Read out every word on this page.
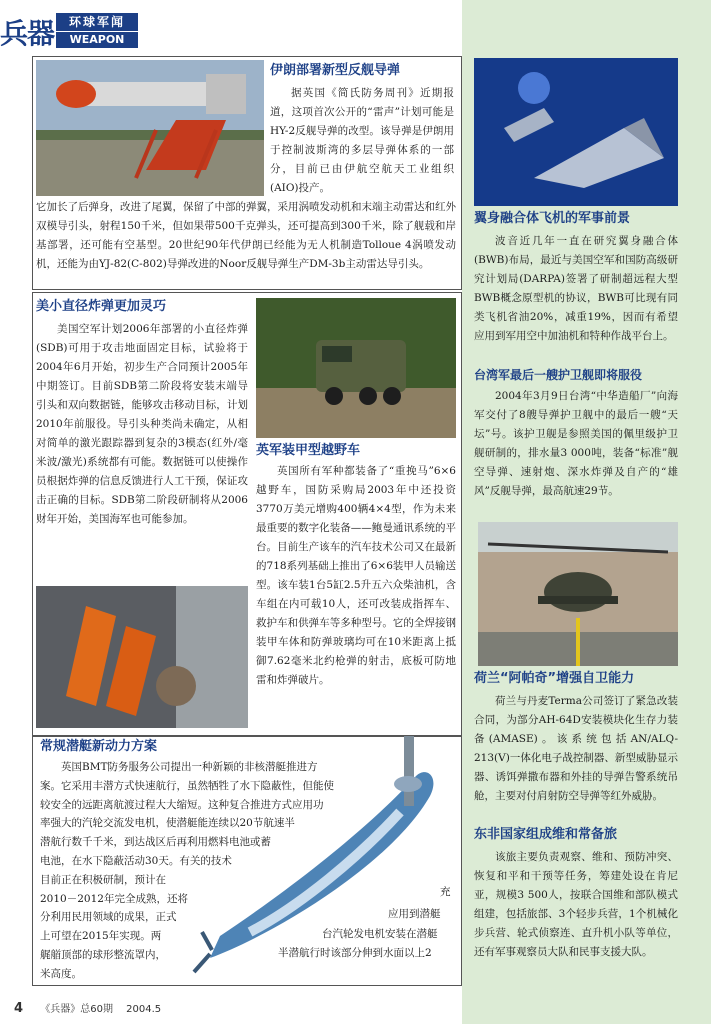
兵器	环球军闻
WEAPON

伊朗部署新型反舰导弹

据英国《简氏防务周刊》近期报道，这项首次公开的“雷声”计划可能是HY-2反舰导弹的改型。该导弹是伊朗用于控制波斯湾的多层导弹体系的一部分，目前已由伊航空航天工业组织(AIO)投产。

它加长了后弹身，改进了尾翼，保留了中部的弹翼，采用涡喷发动机和末端主动雷达和红外双模导引头，射程150千米，但如果带500千克弹头，还可提高到300千米，除了舰载和岸基部署，还可能有空基型。20世纪90年代伊朗已经能为无人机制造Tolloue 4涡喷发动机，还能为由YJ-82(C-802)导弹改进的Noor反舰导弹生产DM-3b主动雷达导引头。

美小直径炸弹更加灵巧

美国空军计划2006年部署的小直径炸弹(SDB)可用于攻击地面固定目标，试验将于2004年6月开始，初步生产合同预计2005年中期签订。目前SDB第二阶段将安装末端导引头和双向数据链，能够攻击移动目标，计划2010年前服役。导引头种类尚未确定，从相对简单的激光跟踪器到复杂的3模态(红外/毫米波/激光)系统都有可能。数据链可以使操作员根据炸弹的信息反馈进行人工干预，保证攻击正确的目标。SDB第二阶段研制将从2006财年开始，美国海军也可能参加。

英军装甲型越野车

英国所有军种都装备了“重挽马”6×6越野车，国防采购局2003年中还投资3770万美元增购400辆4×4型，作为未来最重要的数字化装备——鲍曼通讯系统的平台。目前生产该车的汽车技术公司又在最新的718系列基础上推出了6×6装甲人员输送型。该车装1台5缸2.5升五六众柴油机，含车组在内可载10人，还可改装成指挥车、救护车和供弹车等多种型号。它的全焊接钢装甲车体和防弹玻璃均可在10米距离上抵御7.62毫米北约枪弹的射击，底板可防地雷和炸弹破片。

常规潜艇新动力方案

英国BMT防务服务公司提出一种新颖的非核潜艇推进方
案。它采用丰潜方式快速航行，虽然牺牲了水下隐蔽性，但能使
较安全的远距离航渡过程大大缩短。这种复合推进方式应用功
率强大的汽轮交流发电机，使潜艇能连续以20节航速半
潜航行数千千米，到达战区后再利用燃料电池或蓄
电池，在水下隐蔽活动30天。有关的技术
目前正在积极研制，预计在
2010－2012年完全成熟，还将
分利用民用领域的成果，正式
上可望在2015年实现。两
艉艏顶部的球形整流罩内，
米高度。
充
应用到潜艇
台汽轮发电机安装在潜艇
半潜航行时该部分伸到水面以上2

翼身融合体飞机的军事前景

波音近几年一直在研究翼身融合体(BWB)布局，最近与美国空军和国防高级研究计划局(DARPA)签署了研制超远程大型BWB概念原型机的协议，BWB可比现有同类飞机省油20%，减重19%，因而有希望应用到军用空中加油机和特种作战平台上。

台湾军最后一艘护卫舰即将服役

2004年3月9日台湾“中华造船厂”向海军交付了8艘导弹护卫舰中的最后一艘“天坛”号。该护卫舰是参照美国的佩里级护卫舰研制的，排水量3 000吨，装备“标准”舰空导弹、速射炮、深水炸弹及自产的“雄风”反舰导弹，最高航速29节。

荷兰“阿帕奇”增强自卫能力

荷兰与丹麦Terma公司签订了紧急改装合同，为部分AH-64D安装模块化生存力装备(AMASE)。该系统包括AN/ALQ-213(V)一体化电子战控制器、新型威胁显示器、诱饵弹撒布器和外挂的导弹告警系统吊舱，主要对付肩射防空导弹等红外威胁。

东非国家组成维和常备旅

该旅主要负责观察、维和、预防冲突、恢复和平和干预等任务，筹建处设在肯尼亚，规模3 500人，按联合国维和部队模式组建，包括旅部、3个轻步兵营，1个机械化步兵营、轮式侦察连、直升机小队等单位，还有军事观察员大队和民事支援大队。

4 《兵器》总60期 2004.5
